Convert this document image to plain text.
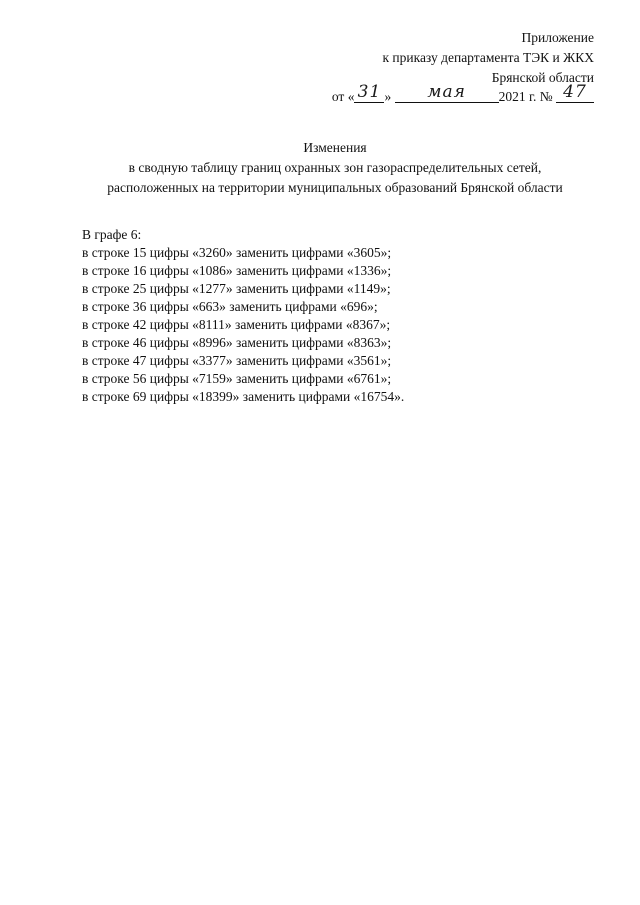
Приложение
к приказу департамента ТЭК и ЖКХ
Брянской области
от « 31 » мая 2021 г. № 47
Изменения
в сводную таблицу границ охранных зон газораспределительных сетей,
расположенных на территории муниципальных образований Брянской области
В графе 6:
в строке 15 цифры «3260» заменить цифрами «3605»;
в строке 16 цифры «1086» заменить цифрами «1336»;
в строке 25 цифры «1277» заменить цифрами «1149»;
в строке 36 цифры «663» заменить цифрами «696»;
в строке 42 цифры «8111» заменить цифрами «8367»;
в строке 46 цифры «8996» заменить цифрами «8363»;
в строке 47 цифры «3377» заменить цифрами «3561»;
в строке 56 цифры «7159» заменить цифрами «6761»;
в строке 69 цифры «18399» заменить цифрами «16754».
